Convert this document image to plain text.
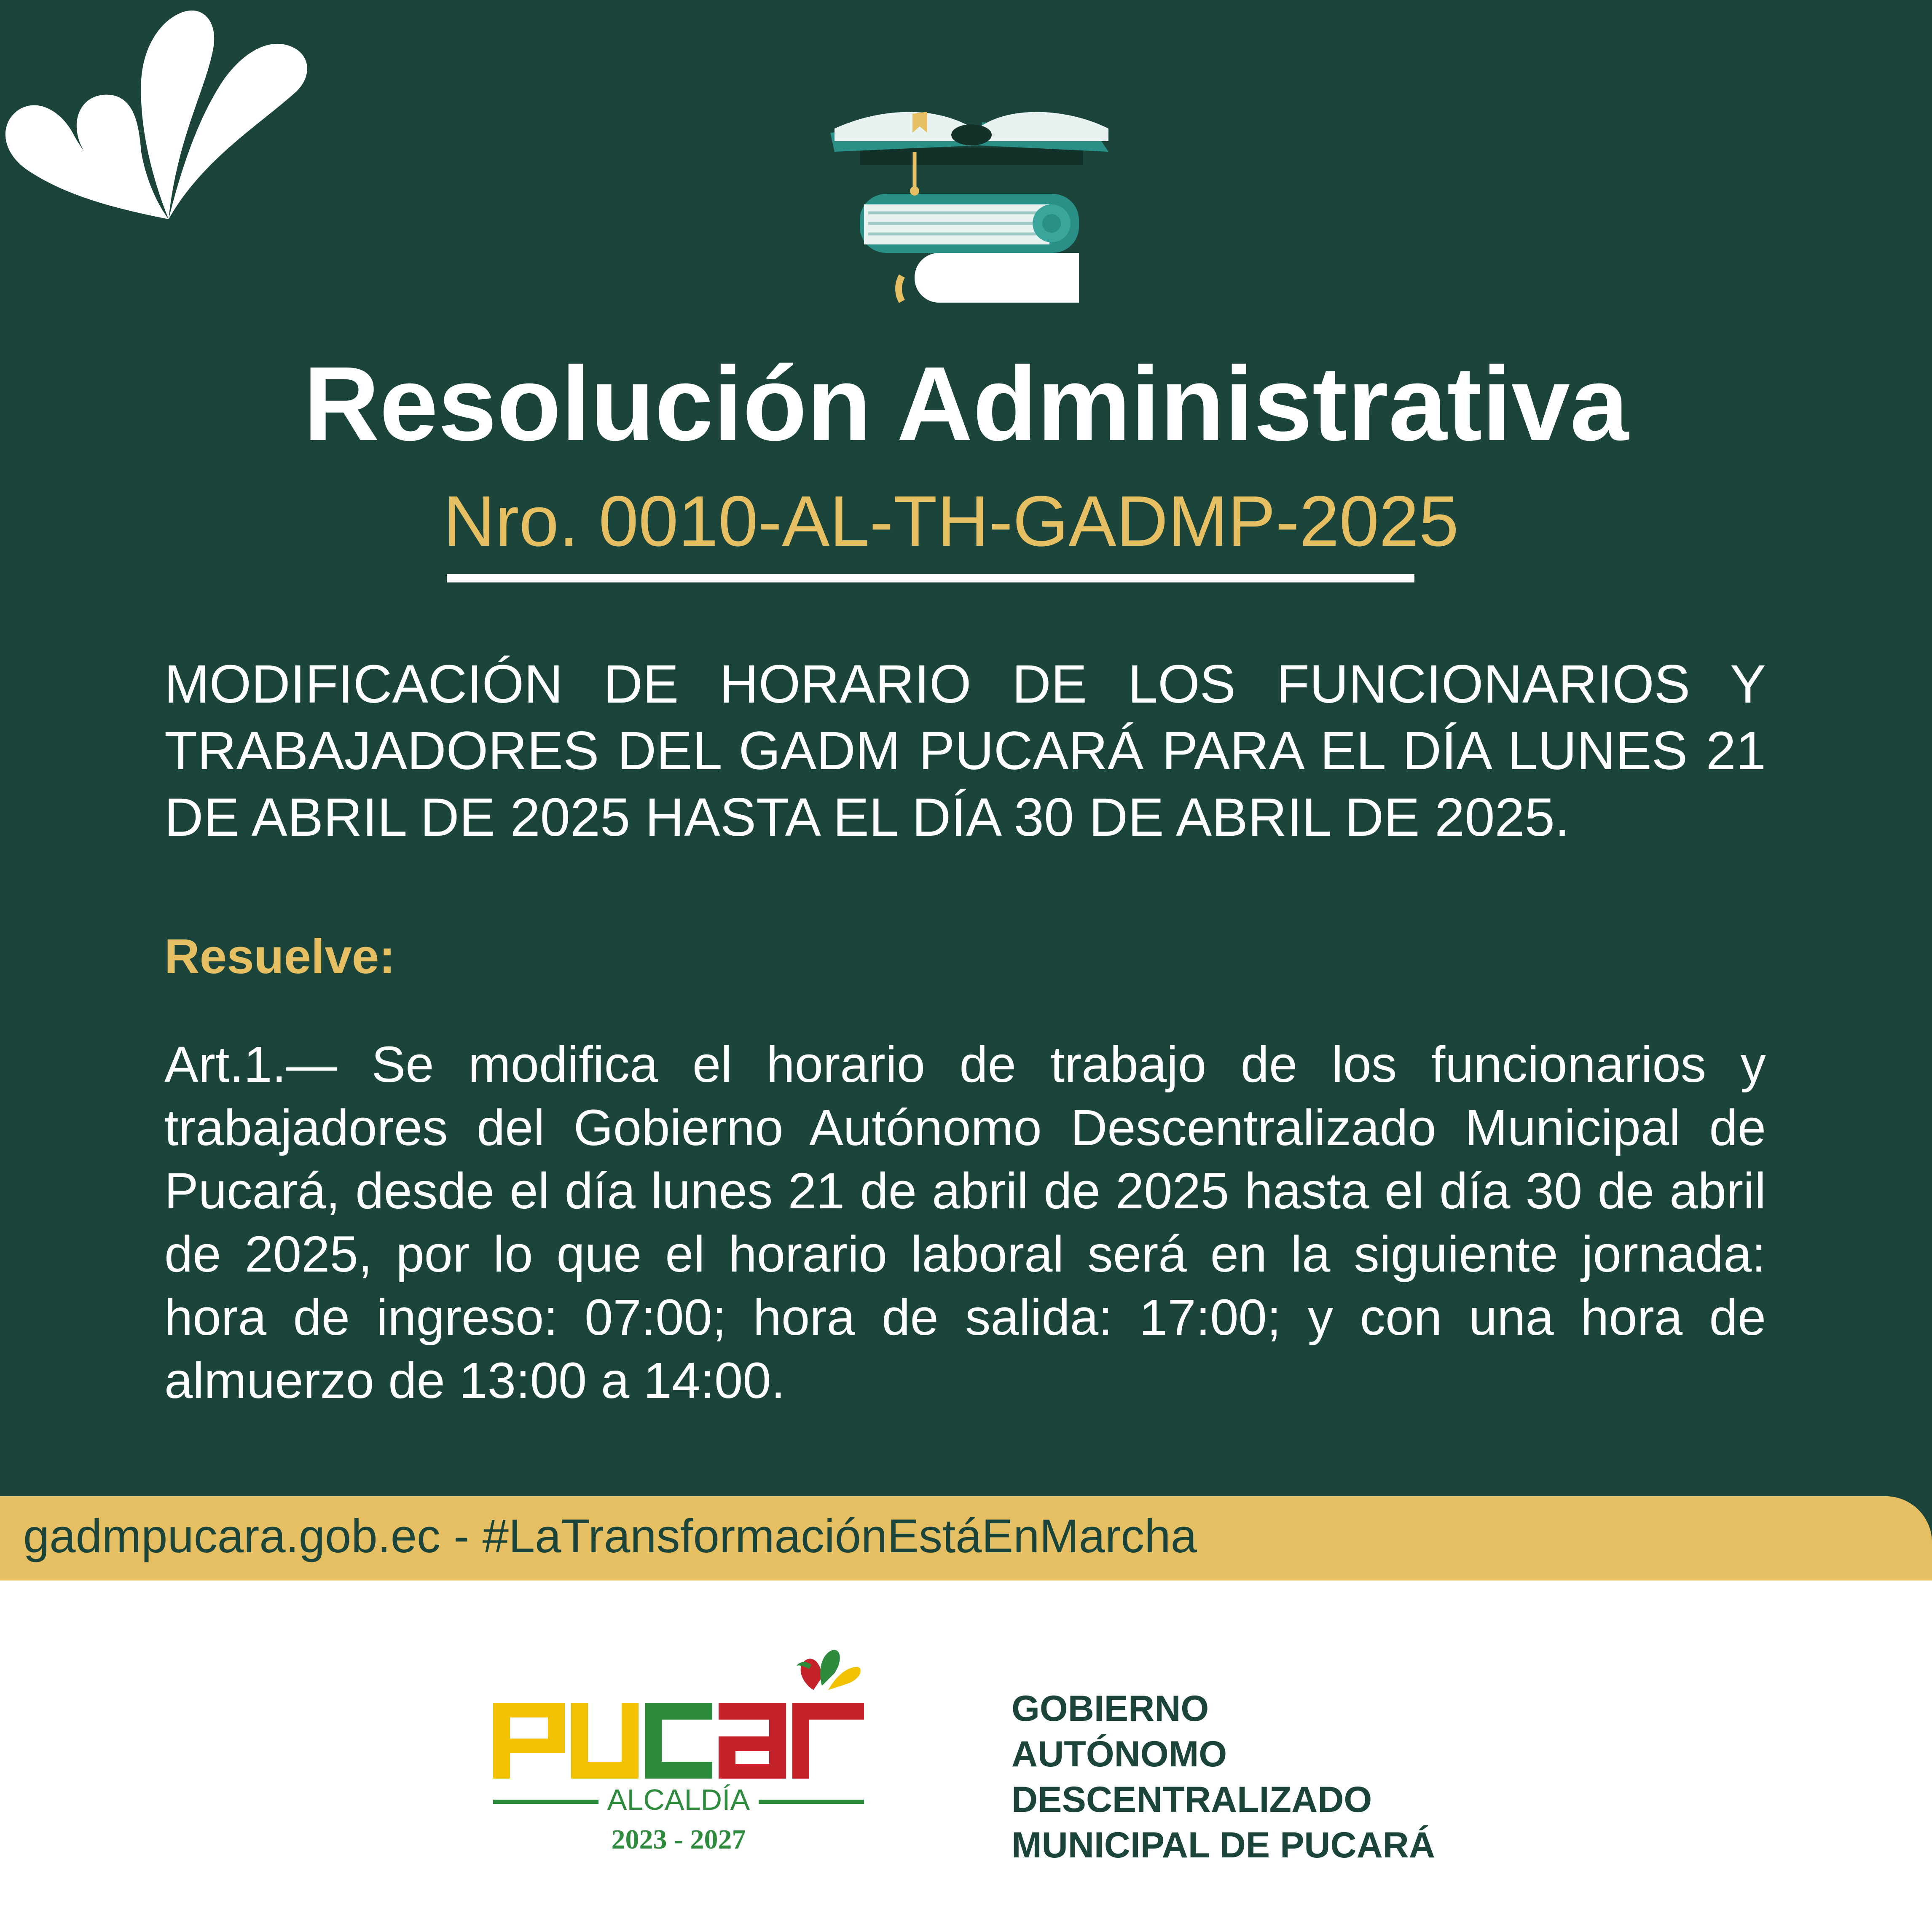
Resolución Administrativa
Nro. 0010-AL-TH-GADMP-2025
MODIFICACIÓN DE HORARIO DE LOS FUNCIONARIOS Y TRABAJADORES DEL GADM PUCARÁ PARA EL DÍA LUNES 21 DE ABRIL DE 2025 HASTA EL DÍA 30 DE ABRIL DE 2025.
Resuelve:
Art.1.— Se modifica el horario de trabajo de los funcionarios y trabajadores del Gobierno Autónomo Descentralizado Municipal de Pucará, desde el día lunes 21 de abril de 2025 hasta el día 30 de abril de 2025, por lo que el horario laboral será en la siguiente jornada: hora de ingreso: 07:00; hora de salida: 17:00; y con una hora de almuerzo de 13:00 a 14:00.
gadmpucara.gob.ec - #LaTransformaciónEstáEnMarcha
ALCALDÍA
2023 - 2027
GOBIERNO
AUTÓNOMO
DESCENTRALIZADO
MUNICIPAL DE PUCARÁ
